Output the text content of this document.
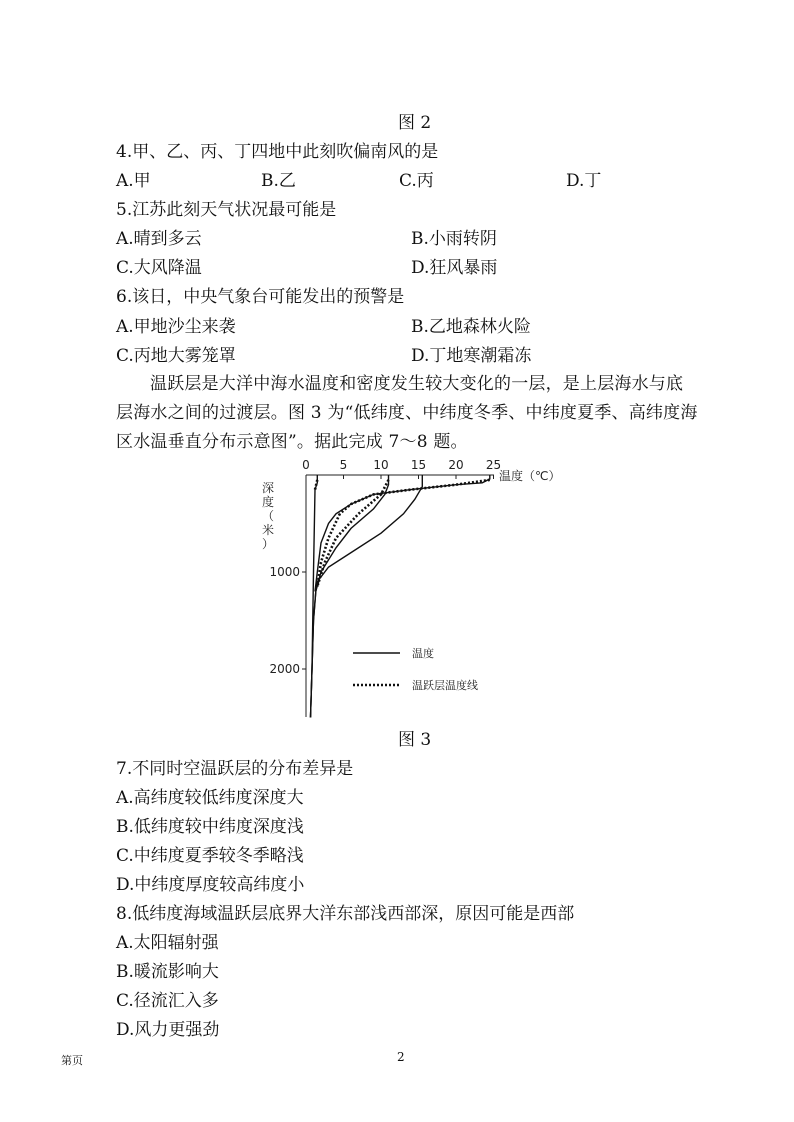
图 2
4.甲、乙、丙、丁四地中此刻吹偏南风的是
A.甲	B.乙	C.丙	D.丁
5.江苏此刻天气状况最可能是
A.晴到多云	B.小雨转阴
C.大风降温	D.狂风暴雨
6.该日，中央气象台可能发出的预警是
A.甲地沙尘来袭	B.乙地森林火险
C.丙地大雾笼罩	D.丁地寒潮霜冻
温跃层是大洋中海水温度和密度发生较大变化的一层，是上层海水与底层海水之间的过渡层。图 3 为“低纬度、中纬度冬季、中纬度夏季、高纬度海区水温垂直分布示意图”。据此完成 7～8 题。
0 5 10 15 20 25
1000
2000
温度（℃）
深度（米）
温度
温跃层温度线
图 3
7.不同时空温跃层的分布差异是
A.高纬度较低纬度深度大
B.低纬度较中纬度深度浅
C.中纬度夏季较冬季略浅
D.中纬度厚度较高纬度小
8.低纬度海域温跃层底界大洋东部浅西部深，原因可能是西部
A.太阳辐射强
B.暖流影响大
C.径流汇入多
D.风力更强劲
第页	2
